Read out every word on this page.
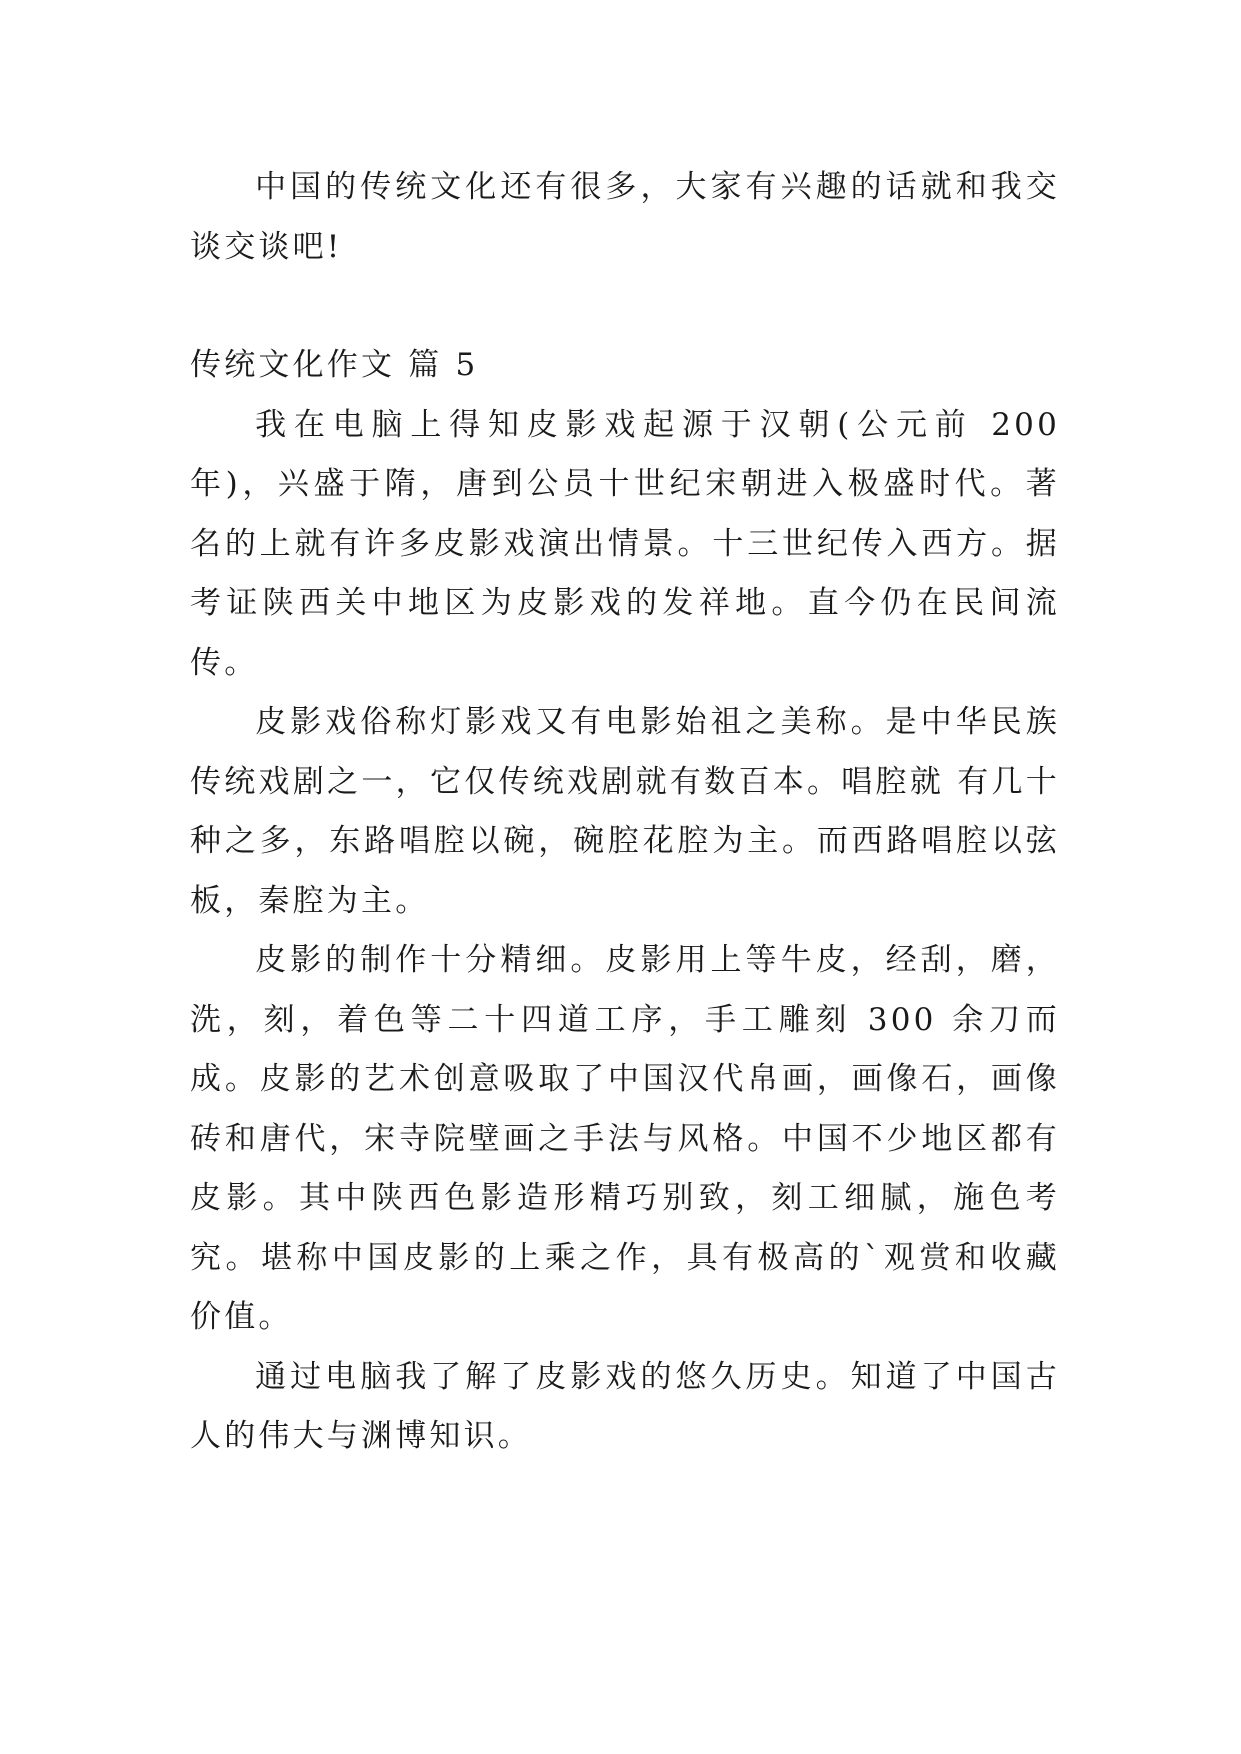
中国的传统文化还有很多，大家有兴趣的话就和我交谈交谈吧!

传统文化作文 篇 5

我在电脑上得知皮影戏起源于汉朝(公元前 200 年)，兴盛于隋，唐到公员十世纪宋朝进入极盛时代。著名的上就有许多皮影戏演出情景。十三世纪传入西方。据考证陕西关中地区为皮影戏的发祥地。直今仍在民间流传。

皮影戏俗称灯影戏又有电影始祖之美称。是中华民族传统戏剧之一，它仅传统戏剧就有数百本。唱腔就 有几十种之多，东路唱腔以碗，碗腔花腔为主。而西路唱腔以弦板，秦腔为主。

皮影的制作十分精细。皮影用上等牛皮，经刮，磨，洗，刻，着色等二十四道工序，手工雕刻 300 余刀而成。皮影的艺术创意吸取了中国汉代帛画，画像石，画像砖和唐代，宋寺院壁画之手法与风格。中国不少地区都有皮影。其中陕西色影造形精巧别致，刻工细腻，施色考究。堪称中国皮影的上乘之作，具有极高的`观赏和收藏价值。

通过电脑我了解了皮影戏的悠久历史。知道了中国古人的伟大与渊博知识。
